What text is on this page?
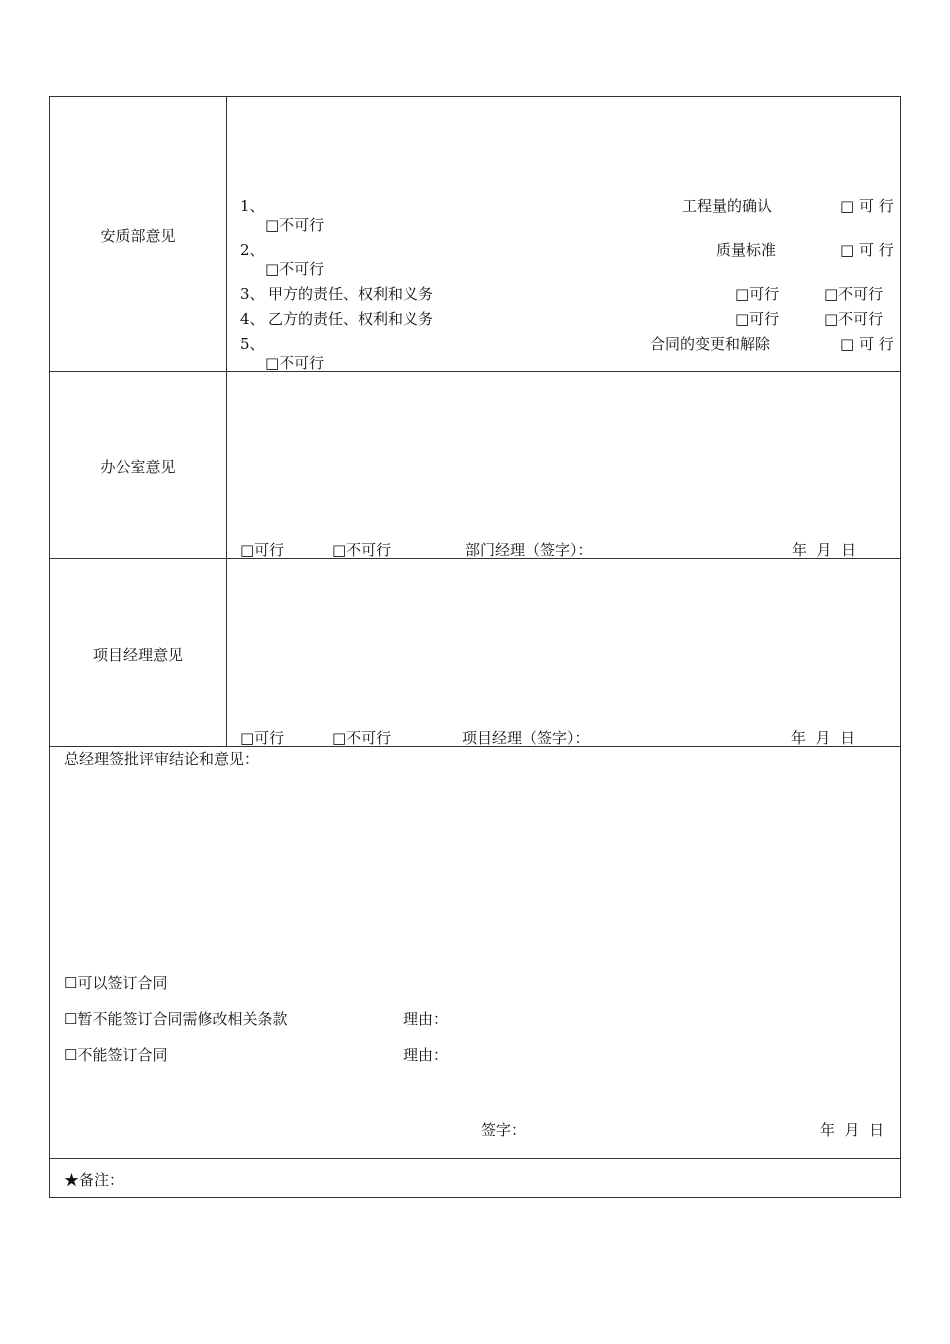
安质部意见
1、	工程量的确认	□ 可 行
□不可行
2、	质量标准	□ 可 行
□不可行
3、 甲方的责任、权利和义务	□可行	□不可行
4、 乙方的责任、权利和义务	□可行	□不可行
5、	合同的变更和解除	□ 可 行
□不可行
办公室意见
□可行	□不可行	部门经理（签字）：	年  月  日
项目经理意见
□可行	□不可行	项目经理（签字）：	年  月  日
总经理签批评审结论和意见：
☐可以签订合同
☐暂不能签订合同需修改相关条款	理由：
☐不能签订合同	理由：
签字：	年  月  日
★备注：
